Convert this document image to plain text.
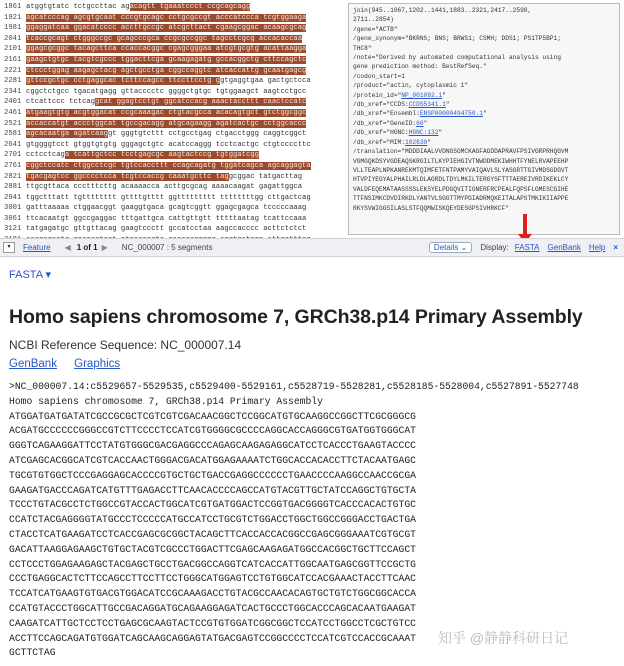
1861 atggtgtatc tctgccttac agacagtt tgaaatccct ccgcagcagg
1921 agcatcccag agcgtgcaat cccgtgcagc cctgcgccgt acccatccca tcgtggaaga
1981 ggaggatcaa ggacatcccc accttgccgc atcgcttact cgaagcggac acaagcgcag
2041 tcaccgcagt ctgggccgc gcagcccgca ccgcgccggc tagcctcgcg accacaccaa
2101 ggagcgcggc tacagcttca ccaccacggc cgagcgggaa atcgtgcgtg acattaagga
2161 gaagctgtgc tacgtcgccc tggacttcga gcaagagatg gccacggctg cttccagctc
2221 ctccctggag aagagctacg agctgcctga cggccaggtc atcaccattg gcaatgagcg
2281 gttccgctgc cctgaggcac tcttccagcc ttccttcctg ggtgaggtgaa gactgctcca
2341 cggctctgcc tgacatgagg gttacccctc ggggctgtgc tgtggaagct aagtcctgcc
2401 ctcattccc tctcaggcat ggagtcctgt ggcatccacg aaactaccttt caactccatc
2461 atgaagtgtg acgtggacat ccgcaaagac ctgtacgcca acacagtgct gtctggcggc
2521 accaccatgt accctggcat tgccgacagg atgcagaagg agatcactgc cctggcaccc
2581 agcacaatga agatcaaggt gggtgtcttt cctgcctgag ctgacctggg caggtcggct
2641 gtggggtcct gtggtgtgtg gggagctgtc acatccaggg tcctcactgc ctgtccccttc
2701 cctcctcaga tcattgctcc tcctgagcgc aagtactccg tgtggatcgg
2761 cggctccatc ctggcctcgc tgtccaccttt ccagcagatg tggatcagca agcaggagta
2821 tgacgagtcc ggcccctcca tcgtccaccg caaatgcttc taggcggac tatgacttag
2881 ttgcgttaca ccctttcttg acaaaacca acttgcgcag aaaacaagat gagattggca
2941 tggctttatt tgtttttttt gttttgtttt ggttttttttt ttttttttgg cttgactcag
3001 gatttaaaaa ctggaacggt gaaggtgaca gcagtcggtt ggagcgagca tcccccaaag
3061 ttcacaatgt ggccgaggac tttgattgca cattgttgtt tttttaatag tcattccaaa
3121 tatgagatgc gttgttacag gaagtccctt gccatcctaa aagccacccc acttctctct
join(945..1067,1202..1441,1883..2321,2417..2598,
2711..2854)
/gene="ACTB"
/gene_synonym="BKRNS; BNS; BRWS1; CSMH; DDS1; PS1TP5BP1;
THC8"
/note="Derived by automated computational analysis using
gene prediction method: BestRefSeq."
/codon_start=1
/product="actin, cytoplasmic 1"
/protein_id="NP_001092.1"
/db_xref="CCDS:CCDS5341.1"
/db_xref="Ensembl:ENSP00000494750.1"
/db_xref="GeneID:60"
/db_xref="HGNC:HGNC:132"
/db_xref="MIM:102630"
/translation="MDDDIAALVVDNGSGMCKAGFAGDDAPRAVFPSIVGRPRHQGVM
VGMGQKDSYVGDEAQSKRGILTLKYPIEHGIVTNWDDMEKIWHHTFYNELRVAPEEHP
VLLTEAPLNPKANREKMTQIMFETFNTPAMYVAIQAVLSLYASGRTTGIVMDSGDGVT
HTVPIYEGYALPHAILRLDLAGRDLTDYLMKILTERGYSFTTTAEREIVRDIKEKLCY
VALDFEQEMATAASSSSLEKSYELPDGQVITIGNERFRCPEALFQPSFLGMESCGIHE
TTFNSIMKCDVDIRKDLYANTVLSGGTTMYPGIADRMQKEITALAPSTMKIKIIAPPE
RKYSVWIGGSILASLSTFQQMWISKQEYDESGPSIVHRKCF"
▾	Feature ◀ 1 of 1 ▶ NC_000007 : 5 segments	Details ⌄	Display: FASTA GenBank Help ×
FASTA ▾
Homo sapiens chromosome 7, GRCh38.p14 Primary Assembly
NCBI Reference Sequence: NC_000007.14
GenBank Graphics
>NC_000007.14:c5529657-5529535,c5529400-5529161,c5528719-5528281,c5528185-5528004,c5527891-5527748
Homo sapiens chromosome 7, GRCh38.p14 Primary Assembly
ATGGATGATGATATCGCCGCGCTCGTCGTCGACAACGGCTCCGGCATGTGCAAGGCCGGCTTCGCGGGCG
ACGATGCCCCCCGGGCCGTCTTCCCCTCCATCGTGGGGCGCCCCAGGCACCAGGGCGTGATGGTGGGCAT
GGGTCAGAAGGATTCCTATGTGGGCGACGAGGCCCAGAGCAAGAGAGGCATCCTCACCCTGAAGTACCCC
ATCGAGCACGGCATCGTCACCAACTGGGACGACATGGAGAAAATCTGGCACCACACCTTCTACAATGAGC
TGCGTGTGGCTCCCGAGGAGCACCCCGTGCTGCTGACCGAGGCCCCCCTGAACCCCAAGGCCAACCGCGA
GAAGATGACCCAGATCATGTTTGAGACCTTCAACACCCCAGCCATGTACGTTGCTATCCAGGCTGTGCTA
TCCCTGTACGCCTCTGGCCGTACCACTGGCATCGTGATGGACTCCGGTGACGGGGTCACCCACACTGTGC
CCATCTACGAGGGGTATGCCCTCCCCCATGCCATCCTGCGTCTGGACCTGGCTGGCCGGGACCTGACTGA
CTACCTCATGAAGATCCTCACCGAGCGCGGCTACAGCTTCACCACCACGGCCGAGCGGGAAATCGTGCGT
GACATTAAGGAGAAGCTGTGCTACGTCGCCCTGGACTTCGAGCAAGAGATGGCCACGGCTGCTTCCAGCT
CCTCCCTGGAGAAGAGCTACGAGCTGCCTGACGGCCAGGTCATCACCATTGGCAATGAGCGGTTCCGCTG
CCCTGAGGCACTCTTCCAGCCTTCCTTCCTGGGCATGGAGTCCTGTGGCATCCACGAAACTACCTTCAAC
TCCATCATGAAGTGTGACGTGGACATCCGCAAAGACCTGTACGCCAACACAGTGCTGTCTGGCGGCACCA
CCATGTACCCTGGCATTGCCGACAGGATGCAGAAGGAGATCACTGCCCTGGCACCCAGCACAATGAAGAT
CAAGATCATTGCTCCTCCTGAGCGCAAGTACTCCGTGTGGATCGGCGGCTCCATCCTGGCCTCGCTGTCC
ACCTTCCAGCAGATGTGGATCAGCAAGCAGGAGTATGACGAGTCCGGCCCCTCCATCGTCCACCGCAAAT
GCTTCTAG
知乎 @静静科研日记
